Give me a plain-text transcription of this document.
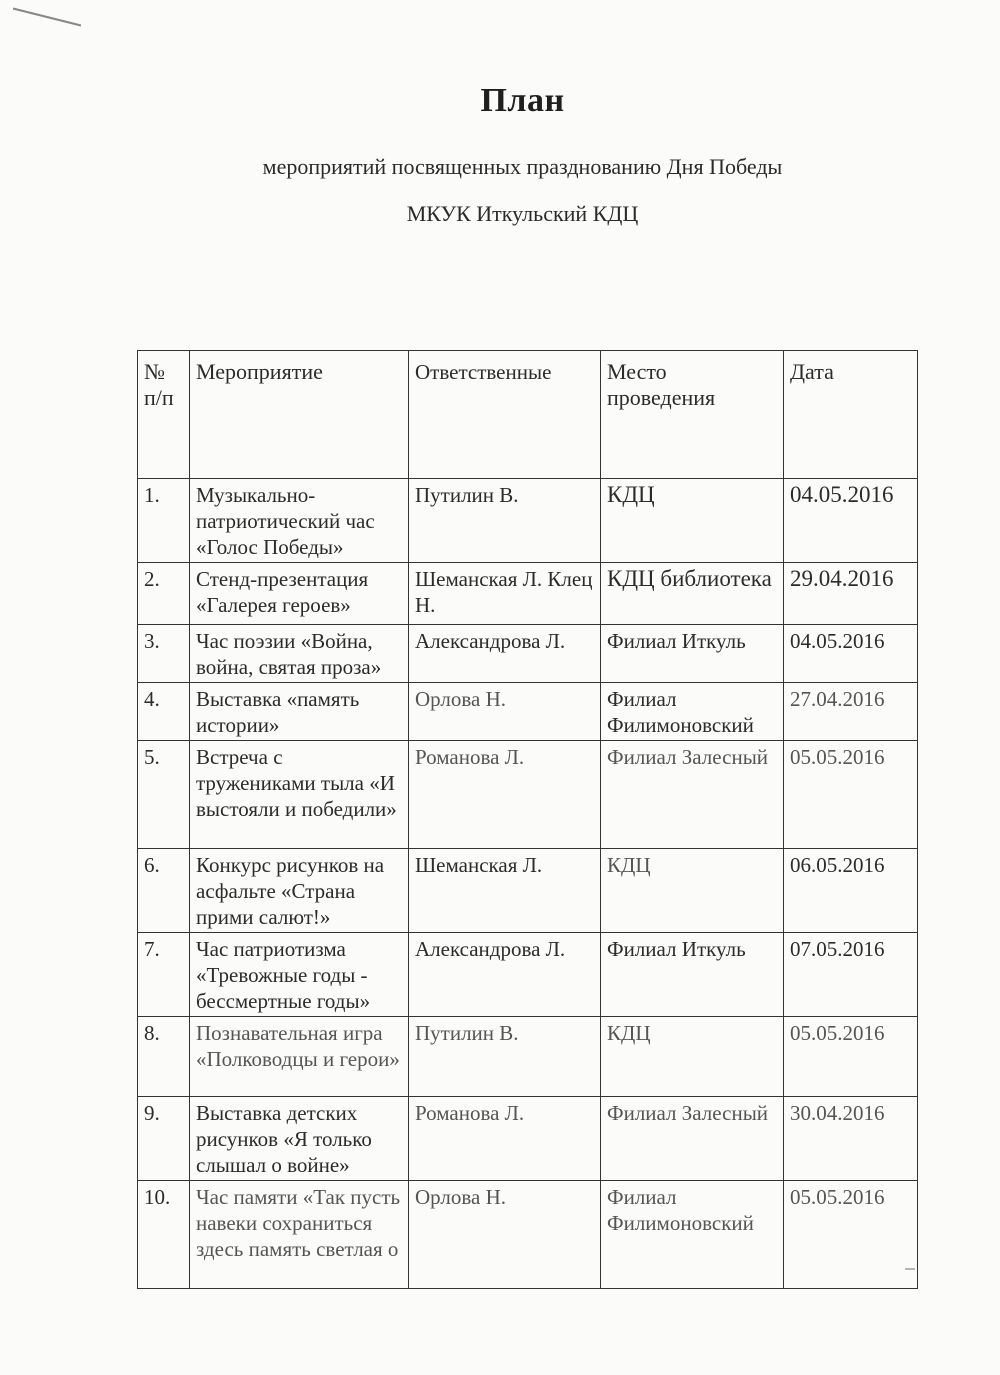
План
мероприятий посвященных празднованию Дня Победы
МКУК Иткульский КДЦ
№ п/п	Мероприятие	Ответственные	Место проведения	Дата
1.	Музыкально-патриотический час «Голос Победы»	Путилин В.	КДЦ	04.05.2016
2.	Стенд-презентация «Галерея героев»	Шеманская Л. Клец Н.	КДЦ библиотека	29.04.2016
3.	Час поэзии «Война, война, святая проза»	Александрова Л.	Филиал Иткуль	04.05.2016
4.	Выставка «память истории»	Орлова Н.	Филиал Филимоновский	27.04.2016
5.	Встреча с тружениками тыла «И выстояли и победили»	Романова Л.	Филиал Залесный	05.05.2016
6.	Конкурс рисунков на асфальте «Страна прими салют!»	Шеманская Л.	КДЦ	06.05.2016
7.	Час патриотизма «Тревожные годы - бессмертные годы»	Александрова Л.	Филиал Иткуль	07.05.2016
8.	Познавательная игра «Полководцы и герои»	Путилин В.	КДЦ	05.05.2016
9.	Выставка детских рисунков «Я только слышал о войне»	Романова Л.	Филиал Залесный	30.04.2016
10.	Час памяти «Так пусть навеки сохраниться здесь память светлая о	Орлова Н.	Филиал Филимоновский	05.05.2016
